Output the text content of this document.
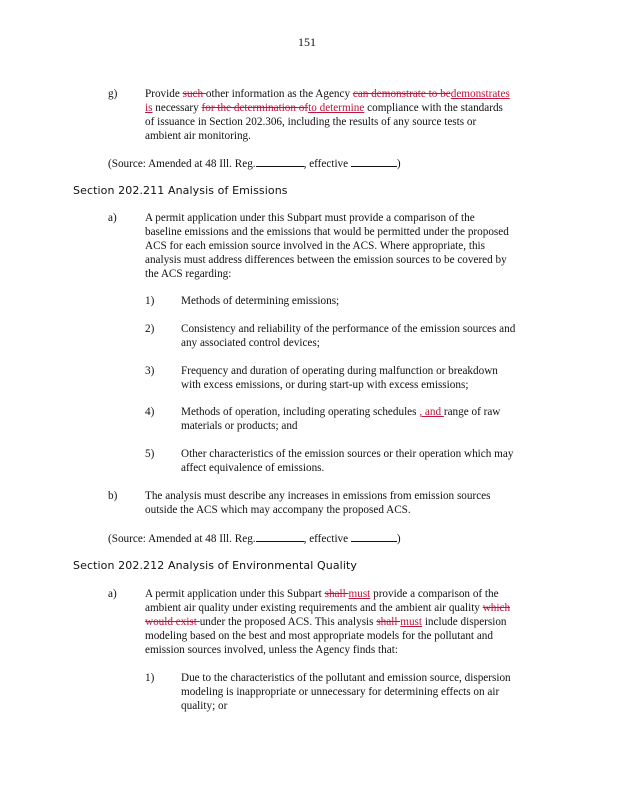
151
g) Provide such other information as the Agency can demonstrate to bedemonstrates
is necessary for the determination ofto determine compliance with the standards
of issuance in Section 202.306, including the results of any source tests or
ambient air monitoring.
(Source: Amended at 48 Ill. Reg.	, effective	)
Section 202.211 Analysis of Emissions
a)	A permit application under this Subpart must provide a comparison of the
baseline emissions and the emissions that would be permitted under the proposed
ACS for each emission source involved in the ACS. Where appropriate, this
analysis must address differences between the emission sources to be covered by
the ACS regarding:
1) Methods of determining emissions;
2) Consistency and reliability of the performance of the emission sources and
any associated control devices;
3) Frequency and duration of operating during malfunction or breakdown
with excess emissions, or during start-up with excess emissions;
4) Methods of operation, including operating schedules , and range of raw
materials or products; and
5) Other characteristics of the emission sources or their operation which may
affect equivalence of emissions.
b) The analysis must describe any increases in emissions from emission sources
outside the ACS which may accompany the proposed ACS.
(Source: Amended at 48 Ill. Reg.	, effective	)
Section 202.212 Analysis of Environmental Quality
a)	A permit application under this Subpart shall must provide a comparison of the
ambient air quality under existing requirements and the ambient air quality which
would exist under the proposed ACS. This analysis shall must include dispersion
modeling based on the best and most appropriate models for the pollutant and
emission sources involved, unless the Agency finds that:
1) Due to the characteristics of the pollutant and emission source, dispersion
modeling is inappropriate or unnecessary for determining effects on air
quality; or
